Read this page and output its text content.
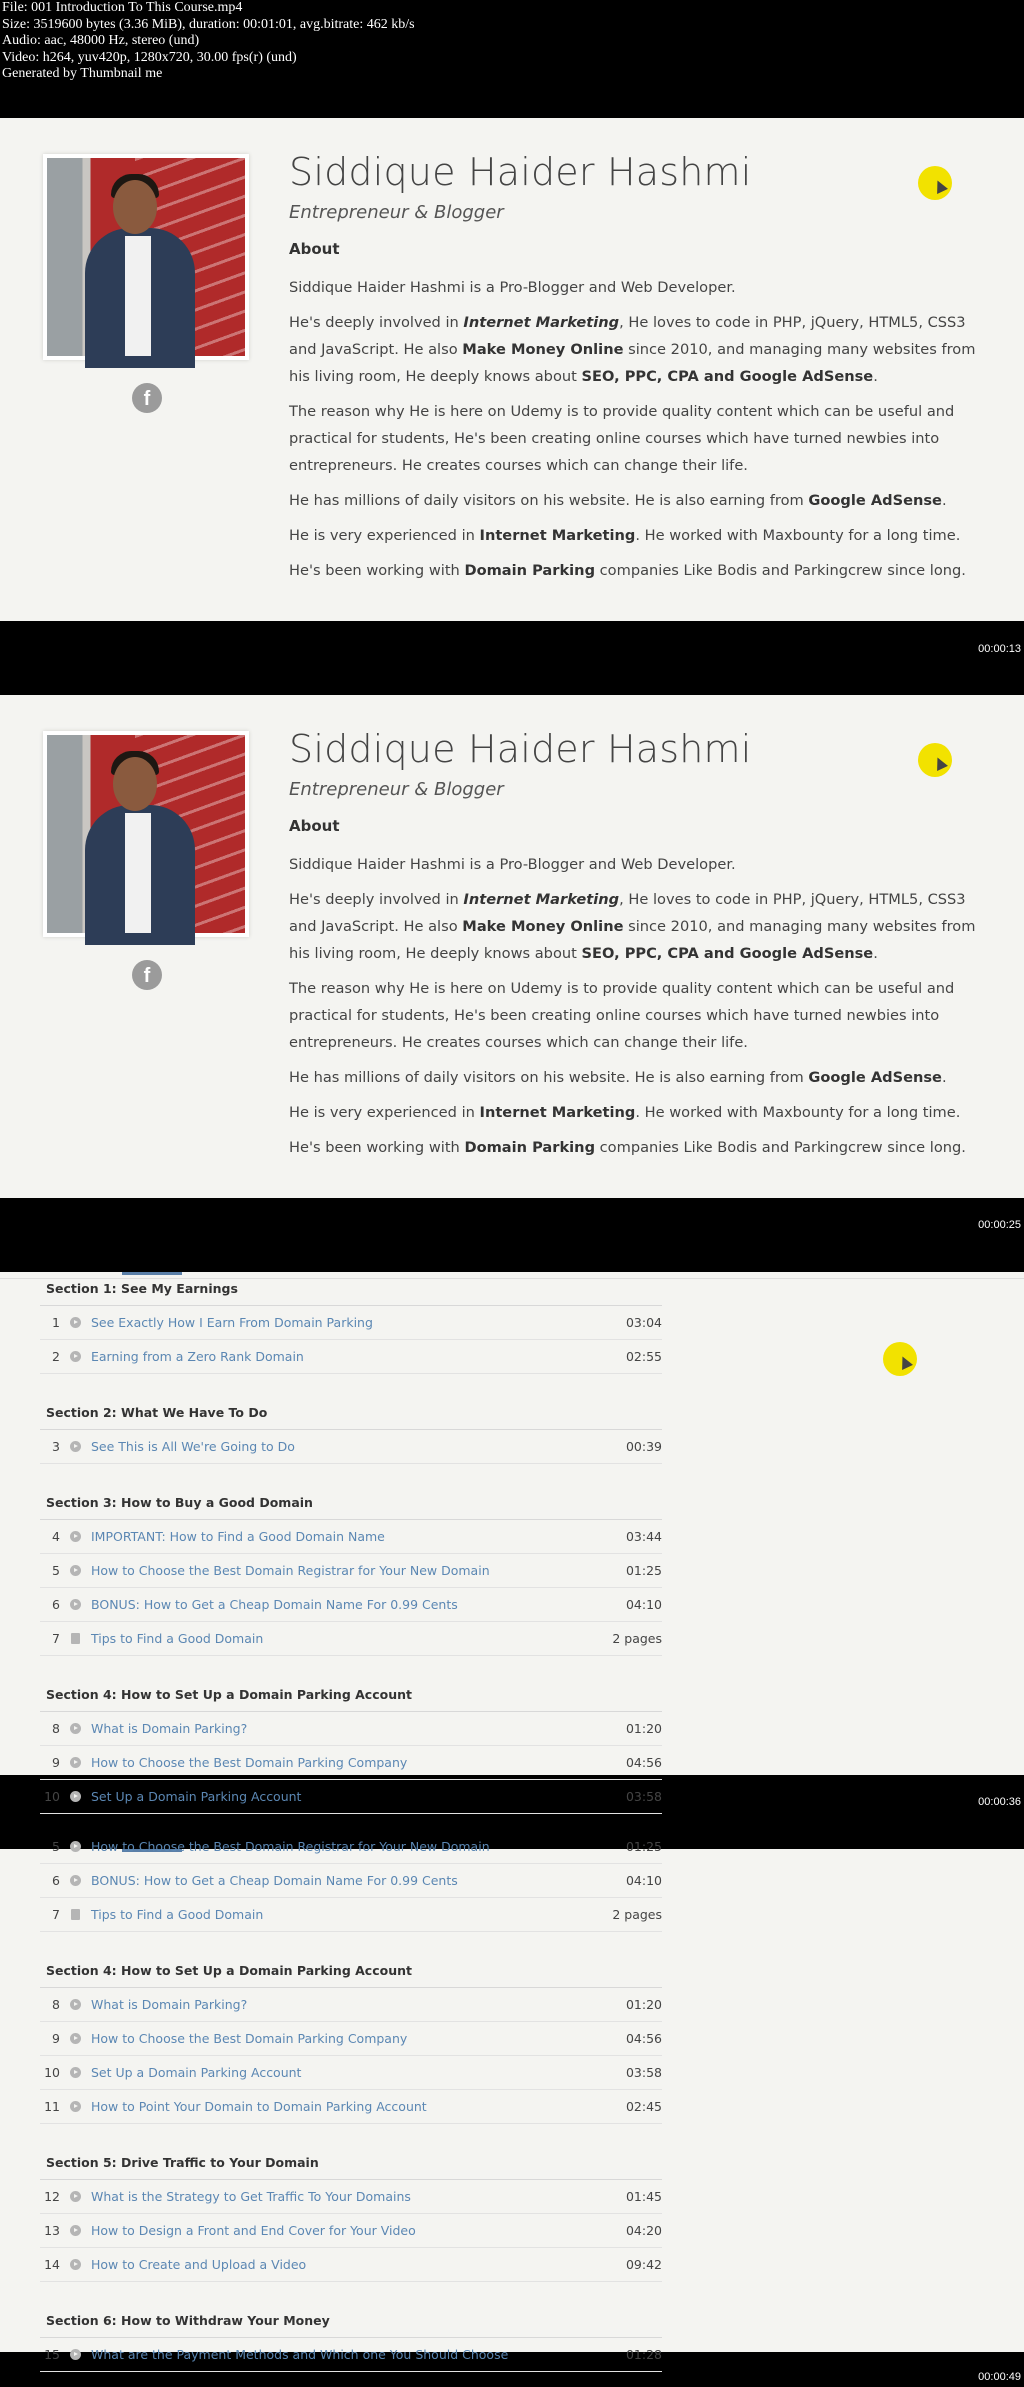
File: 001 Introduction To This Course.mp4
Size: 3519600 bytes (3.36 MiB), duration: 00:01:01, avg.bitrate: 462 kb/s
Audio: aac, 48000 Hz, stereo (und)
Video: h264, yuv420p, 1280x720, 30.00 fps(r) (und)
Generated by Thumbnail me
f
Siddique Haider Hashmi
Entrepreneur & Blogger
About

Siddique Haider Hashmi is a Pro-Blogger and Web Developer.

He's deeply involved in Internet Marketing, He loves to code in PHP, jQuery, HTML5, CSS3 and JavaScript. He also Make Money Online since 2010, and managing many websites from his living room, He deeply knows about SEO, PPC, CPA and Google AdSense.

The reason why He is here on Udemy is to provide quality content which can be useful and practical for students, He's been creating online courses which have turned newbies into entrepreneurs. He creates courses which can change their life.

He has millions of daily visitors on his website. He is also earning from Google AdSense.

He is very experienced in Internet Marketing. He worked with Maxbounty for a long time.

He's been working with Domain Parking companies Like Bodis and Parkingcrew since long.

00:00:13
f
Siddique Haider Hashmi
Entrepreneur & Blogger
About

Siddique Haider Hashmi is a Pro-Blogger and Web Developer.

He's deeply involved in Internet Marketing, He loves to code in PHP, jQuery, HTML5, CSS3 and JavaScript. He also Make Money Online since 2010, and managing many websites from his living room, He deeply knows about SEO, PPC, CPA and Google AdSense.

The reason why He is here on Udemy is to provide quality content which can be useful and practical for students, He's been creating online courses which have turned newbies into entrepreneurs. He creates courses which can change their life.

He has millions of daily visitors on his website. He is also earning from Google AdSense.

He is very experienced in Internet Marketing. He worked with Maxbounty for a long time.

He's been working with Domain Parking companies Like Bodis and Parkingcrew since long.

00:00:25
Section 1: See My Earnings
1 See Exactly How I Earn From Domain Parking	03:04
2 Earning from a Zero Rank Domain	02:55
Section 2: What We Have To Do
3 See This is All We're Going to Do	00:39
Section 3: How to Buy a Good Domain
4 IMPORTANT: How to Find a Good Domain Name	03:44
5 How to Choose the Best Domain Registrar for Your New Domain	01:25
6 BONUS: How to Get a Cheap Domain Name For 0.99 Cents	04:10
7 Tips to Find a Good Domain	2 pages
Section 4: How to Set Up a Domain Parking Account
8 What is Domain Parking?	01:20
9 How to Choose the Best Domain Parking Company	04:56
10 Set Up a Domain Parking Account	03:58	00:00:36
5 How to Choose the Best Domain Registrar for Your New Domain	01:25
6 BONUS: How to Get a Cheap Domain Name For 0.99 Cents	04:10
7 Tips to Find a Good Domain	2 pages
Section 4: How to Set Up a Domain Parking Account
8 What is Domain Parking?	01:20
9 How to Choose the Best Domain Parking Company	04:56
10 Set Up a Domain Parking Account	03:58
11 How to Point Your Domain to Domain Parking Account	02:45
Section 5: Drive Traffic to Your Domain
12 What is the Strategy to Get Traffic To Your Domains	01:45
13 How to Design a Front and End Cover for Your Video	04:20
14 How to Create and Upload a Video	09:42
Section 6: How to Withdraw Your Money
15 What are the Payment Methods and Which one You Should Choose	01:28
00:00:49
